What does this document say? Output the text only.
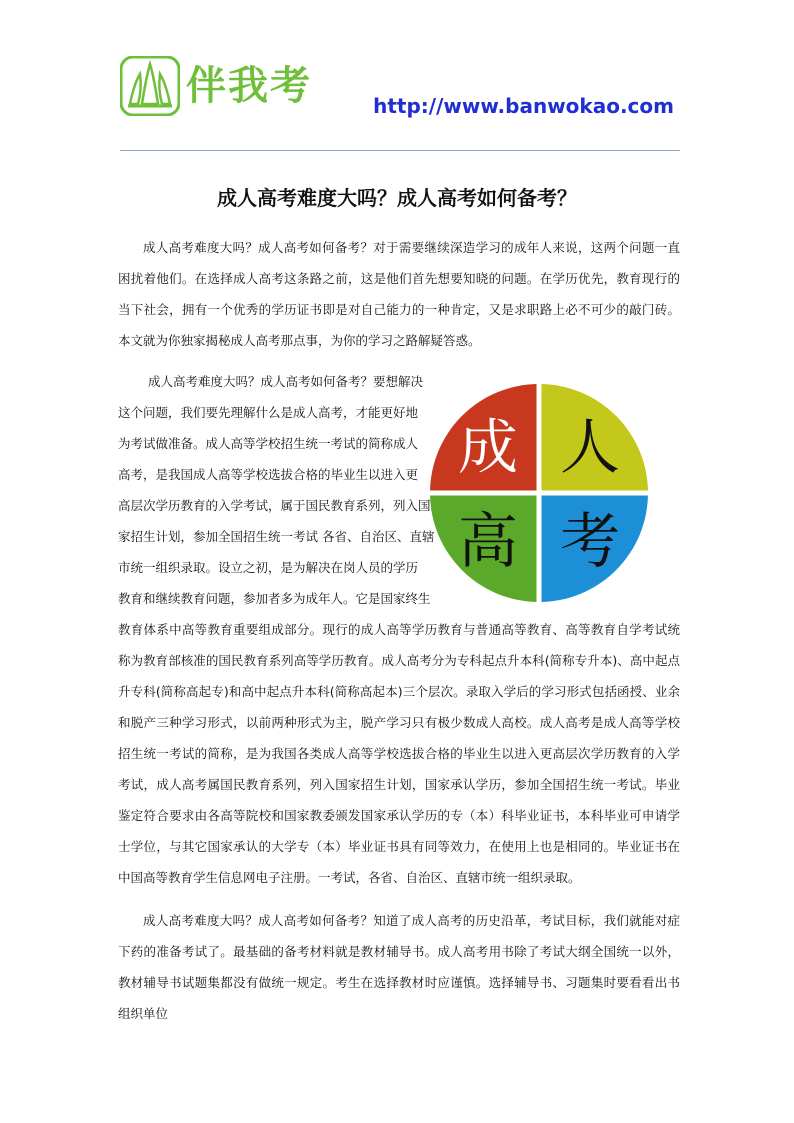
伴我考	http://www.banwokao.com
成人高考难度大吗？成人高考如何备考？

成人高考难度大吗？成人高考如何备考？对于需要继续深造学习的成年人来说，这两个问题一直困扰着他们。在选择成人高考这条路之前，这是他们首先想要知晓的问题。在学历优先，教育现行的当下社会，拥有一个优秀的学历证书即是对自己能力的一种肯定，又是求职路上必不可少的敲门砖。本文就为你独家揭秘成人高考那点事，为你的学习之路解疑答惑。

成人高考难度大吗？成人高考如何备考？要想解决
这个问题，我们要先理解什么是成人高考，才能更好地
为考试做准备。成人高等学校招生统一考试的简称成人
高考，是我国成人高等学校选拔合格的毕业生以进入更
高层次学历教育的入学考试，属于国民教育系列，列入国
家招生计划，参加全国招生统一考试 各省、自治区、直辖
市统一组织录取。设立之初，是为解决在岗人员的学历
教育和继续教育问题，参加者多为成年人。它是国家终生

教育体系中高等教育重要组成部分。现行的成人高等学历教育与普通高等教育、高等教育自学考试统称为教育部核准的国民教育系列高等学历教育。成人高考分为专科起点升本科(简称专升本)、高中起点升专科(简称高起专)和高中起点升本科(简称高起本)三个层次。录取入学后的学习形式包括函授、业余和脱产三种学习形式，以前两种形式为主，脱产学习只有极少数成人高校。成人高考是成人高等学校招生统一考试的简称，是为我国各类成人高等学校选拔合格的毕业生以进入更高层次学历教育的入学考试，成人高考属国民教育系列，列入国家招生计划，国家承认学历，参加全国招生统一考试。毕业鉴定符合要求由各高等院校和国家教委颁发国家承认学历的专（本）科毕业证书，本科毕业可申请学士学位，与其它国家承认的大学专（本）毕业证书具有同等效力，在使用上也是相同的。毕业证书在中国高等教育学生信息网电子注册。一考试，各省、自治区、直辖市统一组织录取。

成 人
高 考

成人高考难度大吗？成人高考如何备考？知道了成人高考的历史沿革，考试目标，我们就能对症下药的准备考试了。最基础的备考材料就是教材辅导书。成人高考用书除了考试大纲全国统一以外，教材辅导书试题集都没有做统一规定。考生在选择教材时应谨慎。选择辅导书、习题集时要看看出书组织单位
